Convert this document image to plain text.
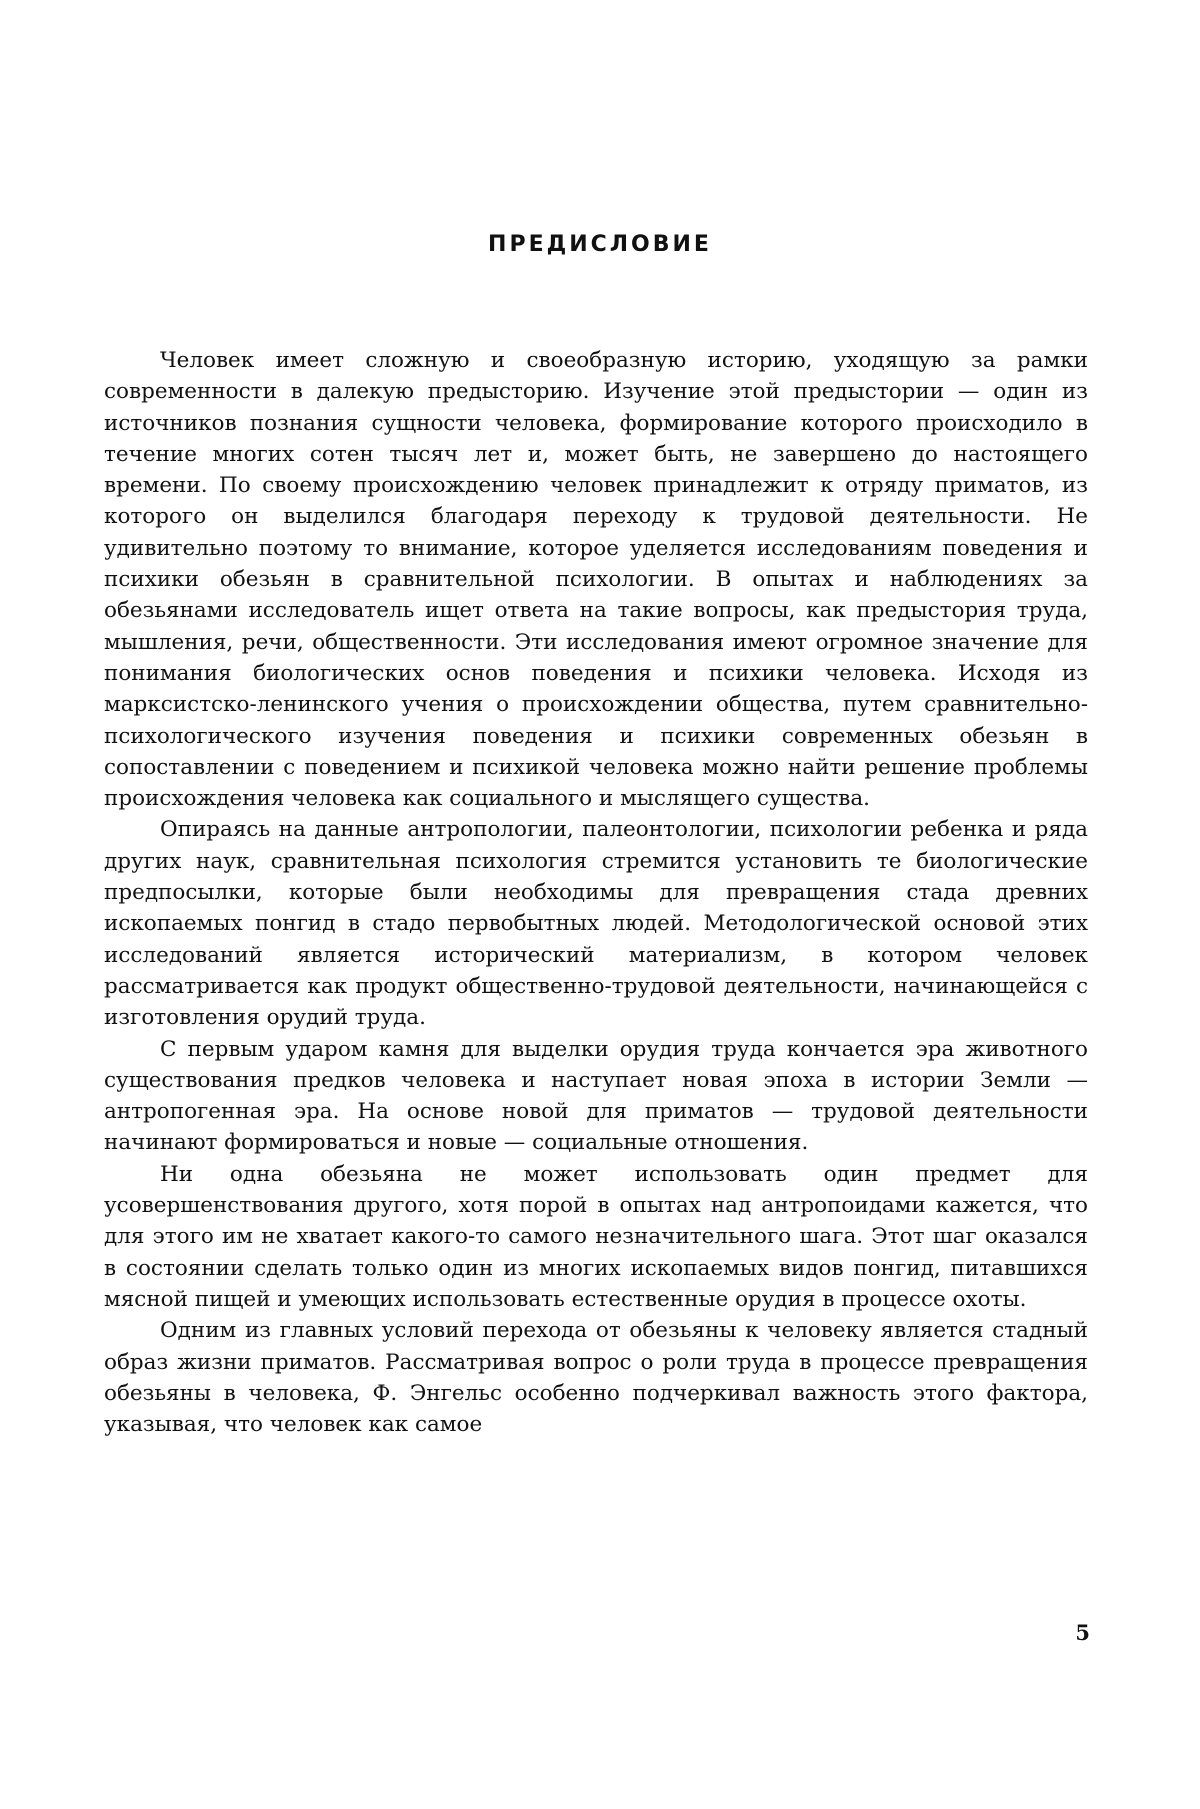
ПРЕДИСЛОВИЕ

Человек имеет сложную и своеобразную историю, уходящую за рамки современности в далекую предысторию. Изучение этой предыстории — один из источников познания сущности человека, формирование которого происходило в течение многих сотен тысяч лет и, может быть, не завершено до настоящего времени. По своему происхождению человек принадлежит к отряду приматов, из которого он выделился благодаря переходу к трудовой деятельности. Не удивительно поэтому то внимание, которое уделяется исследованиям поведения и психики обезьян в сравнительной психологии. В опытах и наблюдениях за обезьянами исследователь ищет ответа на такие вопросы, как предыстория труда, мышления, речи, общественности. Эти исследования имеют огромное значение для понимания биологических основ поведения и психики человека. Исходя из марксистско-ленинского учения о происхождении общества, путем сравнительно-психологического изучения поведения и психики современных обезьян в сопоставлении с поведением и психикой человека можно найти решение проблемы происхождения человека как социального и мыслящего существа.

Опираясь на данные антропологии, палеонтологии, психологии ребенка и ряда других наук, сравнительная психология стремится установить те биологические предпосылки, которые были необходимы для превращения стада древних ископаемых понгид в стадо первобытных людей. Методологической основой этих исследований является исторический материализм, в котором человек рассматривается как продукт общественно-трудовой деятельности, начинающейся с изготовления орудий труда.

С первым ударом камня для выделки орудия труда кончается эра животного существования предков человека и наступает новая эпоха в истории Земли — антропогенная эра. На основе новой для приматов — трудовой деятельности начинают формироваться и новые — социальные отношения.

Ни одна обезьяна не может использовать один предмет для усовершенствования другого, хотя порой в опытах над антропоидами кажется, что для этого им не хватает какого-то самого незначительного шага. Этот шаг оказался в состоянии сделать только один из многих ископаемых видов понгид, питавшихся мясной пищей и умеющих использовать естественные орудия в процессе охоты.

Одним из главных условий перехода от обезьяны к человеку является стадный образ жизни приматов. Рассматривая вопрос о роли труда в процессе превращения обезьяны в человека, Ф. Энгельс особенно подчеркивал важность этого фактора, указывая, что человек как самое

5
